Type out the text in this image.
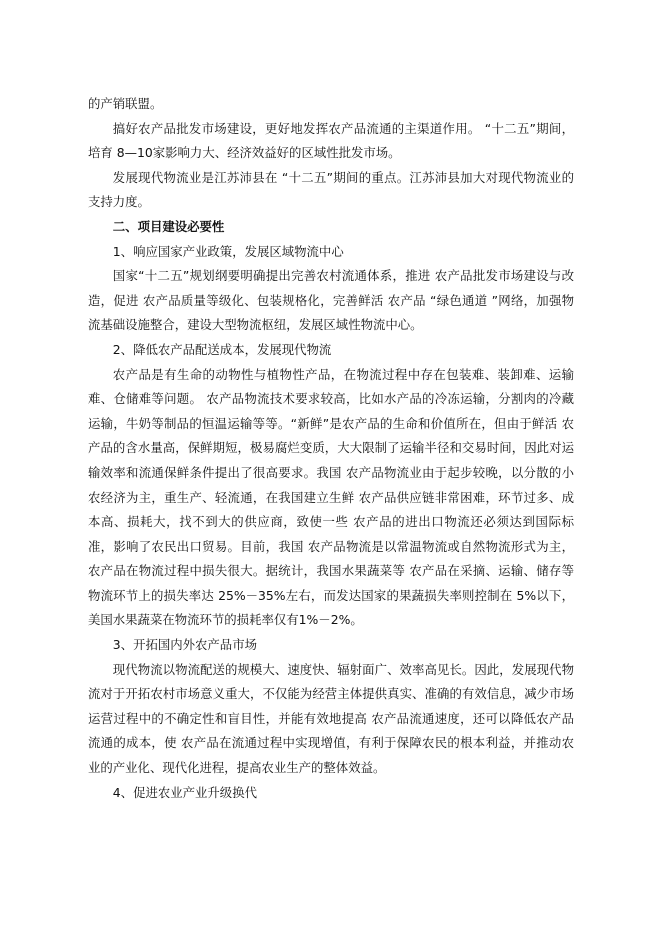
的产销联盟。

搞好农产品批发市场建设，更好地发挥农产品流通的主渠道作用。 “十二五”期间，培育 8—10家影响力大、经济效益好的区域性批发市场。

发展现代物流业是江苏沛县在 “十二五”期间的重点。江苏沛县加大对现代物流业的支持力度。

二、项目建设必要性

1、响应国家产业政策，发展区域物流中心

国家“十二五”规划纲要明确提出完善农村流通体系，推进 农产品批发市场建设与改造，促进 农产品质量等级化、包装规格化，完善鲜活 农产品 “绿色通道 ”网络，加强物流基础设施整合，建设大型物流枢纽，发展区域性物流中心。

2、降低农产品配送成本，发展现代物流

农产品是有生命的动物性与植物性产品，在物流过程中存在包装难、装卸难、运输难、仓储难等问题。 农产品物流技术要求较高，比如水产品的冷冻运输，分割肉的冷藏运输，牛奶等制品的恒温运输等等。“新鲜”是农产品的生命和价值所在，但由于鲜活 农产品的含水量高，保鲜期短，极易腐烂变质，大大限制了运输半径和交易时间，因此对运输效率和流通保鲜条件提出了很高要求。我国 农产品物流业由于起步较晚，以分散的小农经济为主，重生产、轻流通，在我国建立生鲜 农产品供应链非常困难，环节过多、成本高、损耗大，找不到大的供应商，致使一些 农产品的进出口物流还必须达到国际标准，影响了农民出口贸易。目前，我国 农产品物流是以常温物流或自然物流形式为主， 农产品在物流过程中损失很大。据统计，我国水果蔬菜等 农产品在采摘、运输、储存等物流环节上的损失率达 25%－35%左右，而发达国家的果蔬损失率则控制在 5%以下，美国水果蔬菜在物流环节的损耗率仅有1%－2%。

3、开拓国内外农产品市场

现代物流以物流配送的规模大、速度快、辐射面广、效率高见长。因此，发展现代物流对于开拓农村市场意义重大，不仅能为经营主体提供真实、准确的有效信息，减少市场运营过程中的不确定性和盲目性，并能有效地提高 农产品流通速度，还可以降低农产品流通的成本，使 农产品在流通过程中实现增值，有利于保障农民的根本利益，并推动农业的产业化、现代化进程，提高农业生产的整体效益。

4、促进农业产业升级换代
